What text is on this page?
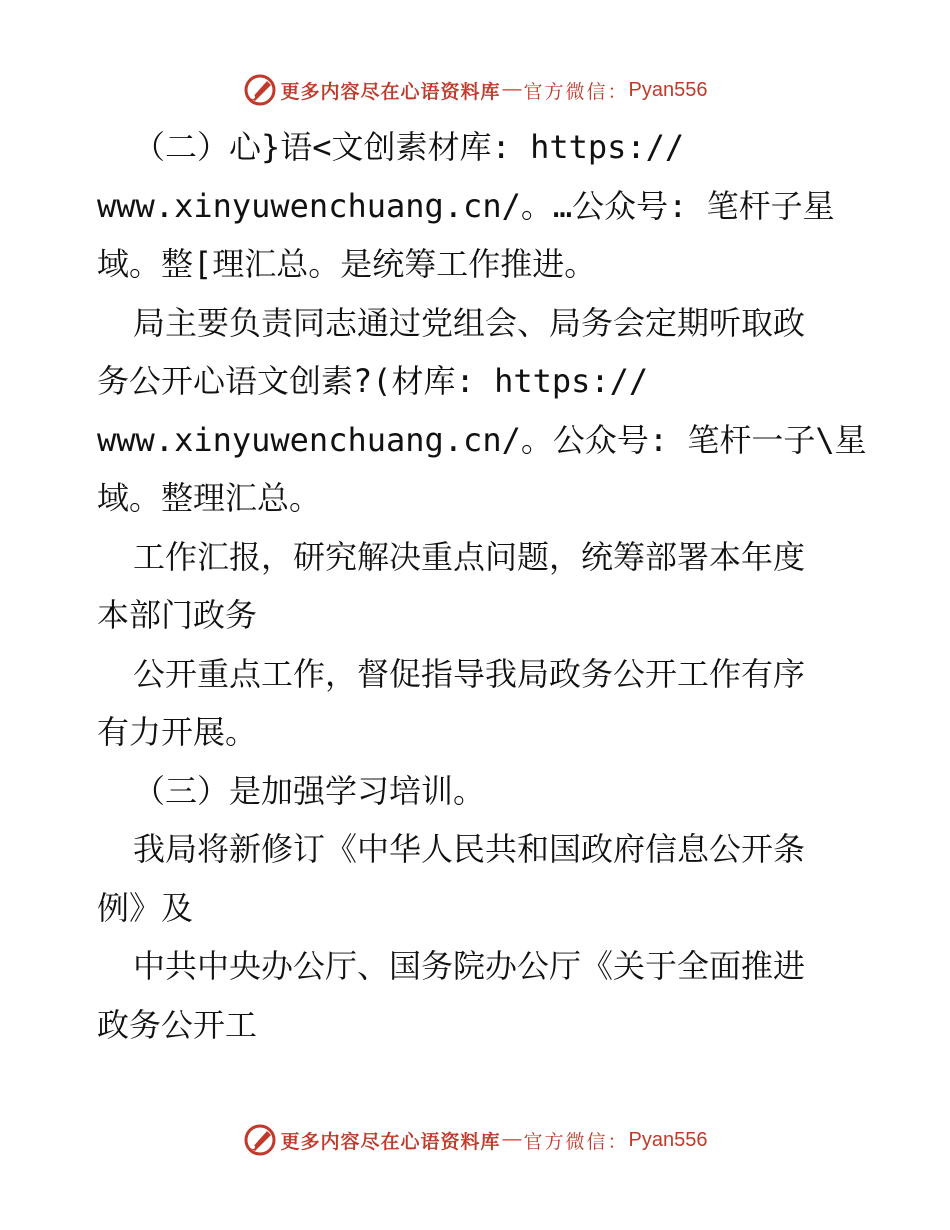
更多内容尽在心语资料库 — 官方微信： Pyan556
（二）心}语<文创素材库: https://
www.xinyuwenchuang.cn/。…公众号: 笔杆子星
域。整[理汇总。是统筹工作推进。
局主要负责同志通过党组会、局务会定期听取政
务公开心语文创素?(材库: https://
www.xinyuwenchuang.cn/。公众号: 笔杆一子\星
域。整理汇总。
工作汇报，研究解决重点问题，统筹部署本年度
本部门政务
公开重点工作，督促指导我局政务公开工作有序
有力开展。
（三）是加强学习培训。
我局将新修订《中华人民共和国政府信息公开条
例》及
中共中央办公厅、国务院办公厅《关于全面推进
政务公开工
更多内容尽在心语资料库 — 官方微信： Pyan556
